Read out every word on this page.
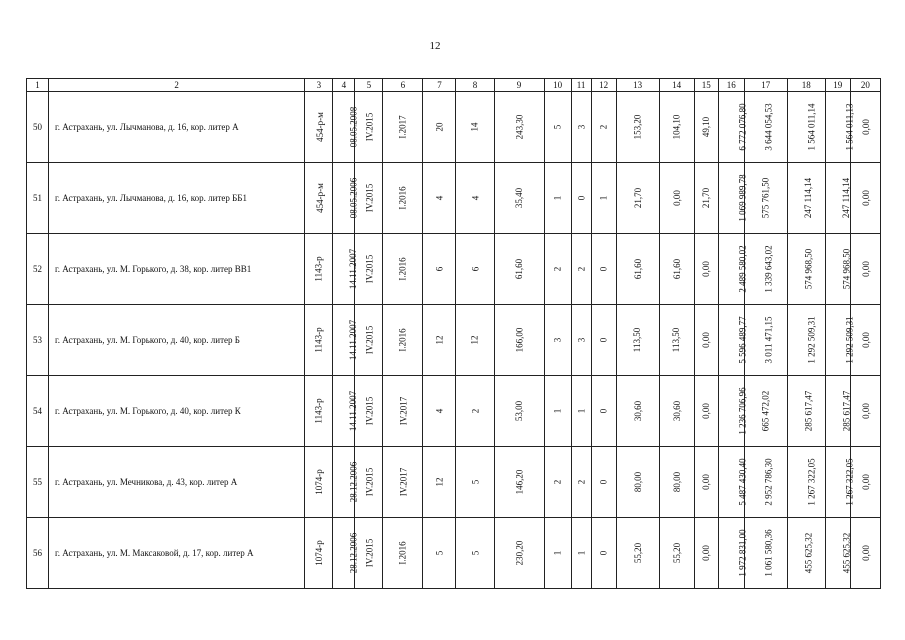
12
1	2	3	4	5	6	7	8	9	10	11	12	13	14	15	16	17	18	19	20
50	г. Астрахань, ул. Лычманова, д. 16, кор. литер А	454-р-м	08.05.2008	IV.2015	I.2017	20	14	243,30	5	3	2	153,20	104,10	49,10	6 772 076,80	3 644 054,53	1 564 011,14	1 564 011,13	0,00
51	г. Астрахань, ул. Лычманова, д. 16, кор. литер ББ1	454-р-м	08.05.2006	IV.2015	I.2016	4	4	35,40	1	0	1	21,70	0,00	21,70	1 069 989,78	575 761,50	247 114,14	247 114,14	0,00
52	г. Астрахань, ул. М. Горького, д. 38, кор. литер ВВ1	1143-р	14.11.2007	IV.2015	I.2016	6	6	61,60	2	2	0	61,60	61,60	0,00	2 489 580,02	1 339 643,02	574 968,50	574 968,50	0,00
53	г. Астрахань, ул. М. Горького, д. 40, кор. литер Б	1143-р	14.11.2007	IV.2015	I.2016	12	12	166,00	3	3	0	113,50	113,50	0,00	5 596 489,77	3 011 471,15	1 292 509,31	1 292 509,31	0,00
54	г. Астрахань, ул. М. Горького, д. 40, кор. литер К	1143-р	14.11.2007	IV.2015	IV.2017	4	2	53,00	1	1	0	30,60	30,60	0,00	1 236 706,96	665 472,02	285 617,47	285 617,47	0,00
55	г. Астрахань, ул. Мечникова, д. 43, кор. литер А	1074-р	28.12.2006	IV.2015	IV.2017	12	5	146,20	2	2	0	80,00	80,00	0,00	5 487 430,40	2 952 786,30	1 267 322,05	1 267 322,05	0,00
56	г. Астрахань, ул. М. Максаковой, д. 17, кор. литер А	1074-р	28.12.2006	IV.2015	I.2016	5	5	230,20	1	1	0	55,20	55,20	0,00	1 972 831,00	1 061 580,36	455 625,32	455 625,32	0,00
